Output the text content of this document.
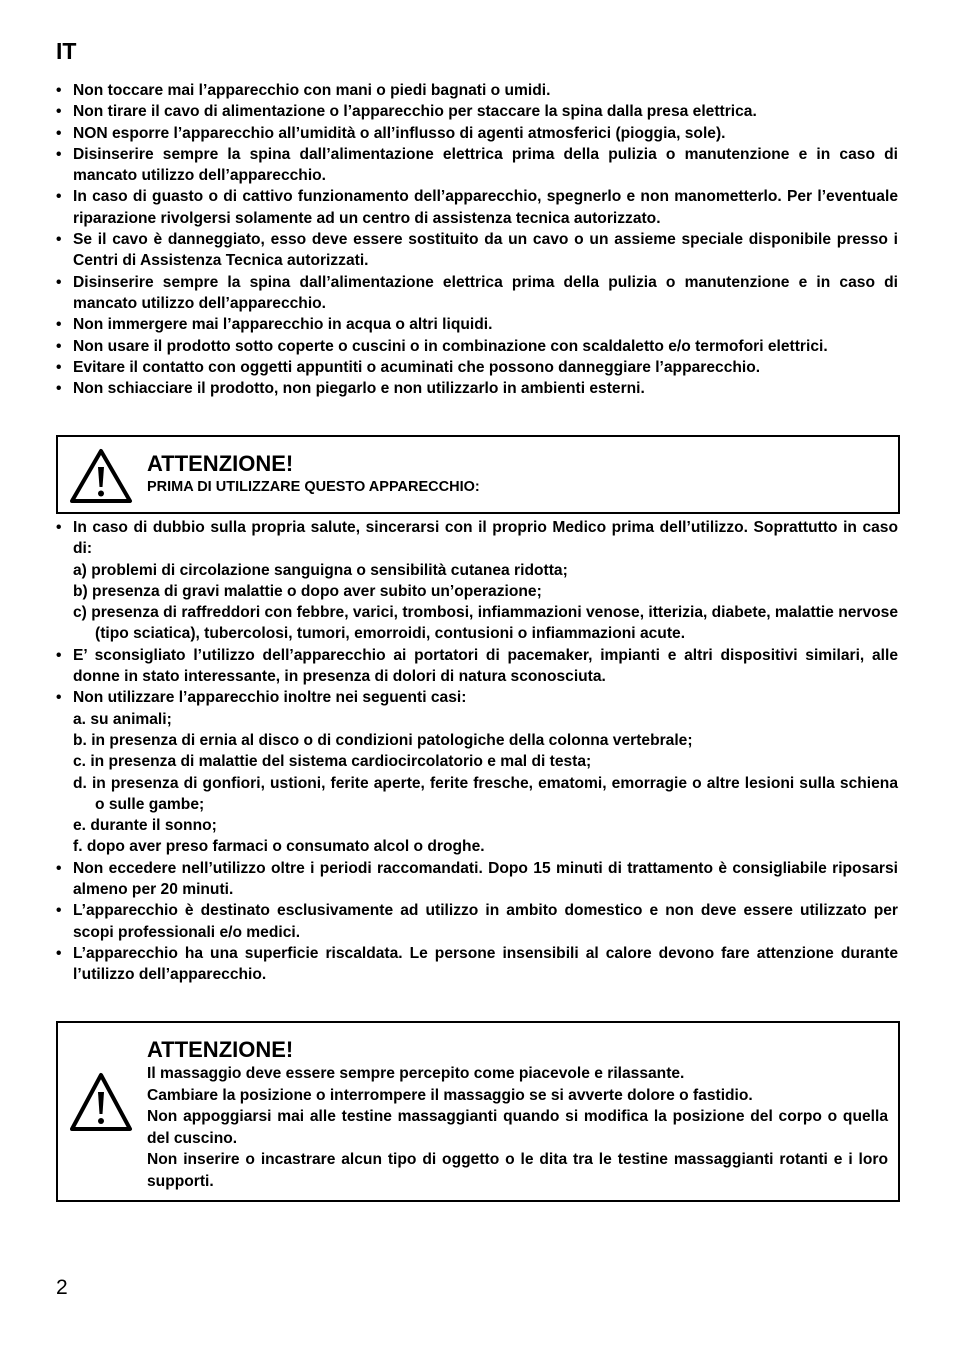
IT
• Non toccare mai l’apparecchio con mani o piedi bagnati o umidi.
• Non tirare il cavo di alimentazione o l’apparecchio per staccare la spina dalla presa elettrica.
• NON esporre l’apparecchio all’umidità o all’influsso di agenti atmosferici (pioggia, sole).
• Disinserire sempre la spina dall’alimentazione elettrica prima della pulizia o manutenzione e in caso di mancato utilizzo dell’apparecchio.
• In caso di guasto o di cattivo funzionamento dell’apparecchio, spegnerlo e non manometterlo. Per l’eventuale riparazione rivolgersi solamente ad un centro di assistenza tecnica autorizzato.
• Se il cavo è danneggiato, esso deve essere sostituito da un cavo o un assieme speciale disponibile presso i Centri di Assistenza Tecnica autorizzati.
• Disinserire sempre la spina dall’alimentazione elettrica prima della pulizia o manutenzione e in caso di mancato utilizzo dell’apparecchio.
• Non immergere mai l’apparecchio in acqua o altri liquidi.
• Non usare il prodotto sotto coperte o cuscini o in combinazione con scaldaletto e/o termofori elettrici.
• Evitare il contatto con oggetti appuntiti o acuminati che possono danneggiare l’apparecchio.
• Non schiacciare il prodotto, non piegarlo e non utilizzarlo in ambienti esterni.
ATTENZIONE!
PRIMA DI UTILIZZARE QUESTO APPARECCHIO:
• In caso di dubbio sulla propria salute, sincerarsi con il proprio Medico prima dell’utilizzo. Soprattutto in caso di:
a) problemi di circolazione sanguigna o sensibilità cutanea ridotta;
b) presenza di gravi malattie o dopo aver subito un’operazione;
c) presenza di raffreddori con febbre, varici, trombosi, infiammazioni venose, itterizia, diabete, malattie nervose (tipo sciatica), tubercolosi, tumori, emorroidi, contusioni o infiammazioni acute.
• E’ sconsigliato l’utilizzo dell’apparecchio ai portatori di pacemaker, impianti e altri dispositivi similari, alle donne in stato interessante, in presenza di dolori di natura sconosciuta.
• Non utilizzare l’apparecchio inoltre nei seguenti casi:
a. su animali;
b. in presenza di ernia al disco o di condizioni patologiche della colonna vertebrale;
c. in presenza di malattie del sistema cardiocircolatorio e mal di testa;
d. in presenza di gonfiori, ustioni, ferite aperte, ferite fresche, ematomi, emorragie o altre lesioni sulla schiena o sulle gambe;
e. durante il sonno;
f. dopo aver preso farmaci o consumato alcol o droghe.
• Non eccedere nell’utilizzo oltre i periodi raccomandati. Dopo 15 minuti di trattamento è consigliabile riposarsi almeno per 20 minuti.
• L’apparecchio è destinato esclusivamente ad utilizzo in ambito domestico e non deve essere utilizzato per scopi professionali e/o medici.
• L’apparecchio ha una superficie riscaldata. Le persone insensibili al calore devono fare attenzione durante l’utilizzo dell’apparecchio.
ATTENZIONE!
Il massaggio deve essere sempre percepito come piacevole e rilassante.
Cambiare la posizione o interrompere il massaggio se si avverte dolore o fastidio.
Non appoggiarsi mai alle testine massaggianti quando si modifica la posizione del corpo o quella del cuscino.
Non inserire o incastrare alcun tipo di oggetto o le dita tra le testine massaggianti rotanti e i loro supporti.
2
